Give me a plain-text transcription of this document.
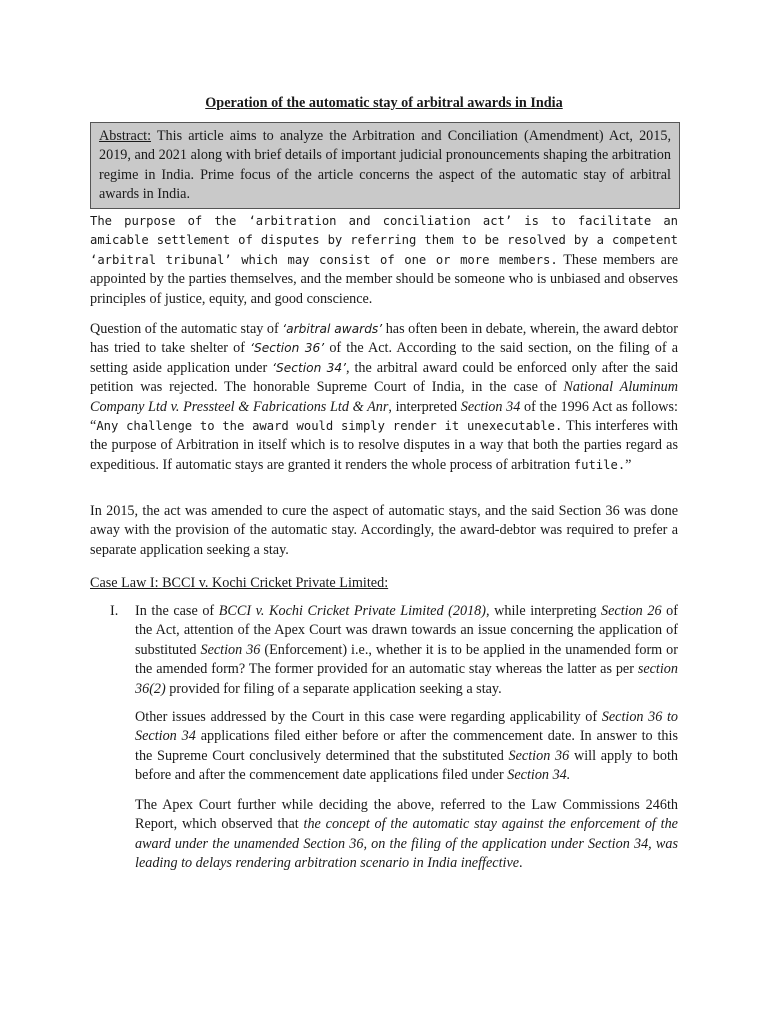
Operation of the automatic stay of arbitral awards in India
Abstract: This article aims to analyze the Arbitration and Conciliation (Amendment) Act, 2015, 2019, and 2021 along with brief details of important judicial pronouncements shaping the arbitration regime in India. Prime focus of the article concerns the aspect of the automatic stay of arbitral awards in India.

The purpose of the ‘arbitration and conciliation act’ is to facilitate an amicable settlement of disputes by referring them to be resolved by a competent ‘arbitral tribunal’ which may consist of one or more members. These members are appointed by the parties themselves, and the member should be someone who is unbiased and observes principles of justice, equity, and good conscience.

Question of the automatic stay of ‘arbitral awards’ has often been in debate, wherein, the award debtor has tried to take shelter of ‘Section 36’ of the Act. According to the said section, on the filing of a setting aside application under ‘Section 34’, the arbitral award could be enforced only after the said petition was rejected. The honorable Supreme Court of India, in the case of National Aluminum Company Ltd v. Pressteel & Fabrications Ltd & Anr, interpreted Section 34 of the 1996 Act as follows: “Any challenge to the award would simply render it unexecutable. This interferes with the purpose of Arbitration in itself which is to resolve disputes in a way that both the parties regard as expeditious. If automatic stays are granted it renders the whole process of arbitration futile.”

In 2015, the act was amended to cure the aspect of automatic stays, and the said Section 36 was done away with the provision of the automatic stay. Accordingly, the award-debtor was required to prefer a separate application seeking a stay.

Case Law I: BCCI v. Kochi Cricket Private Limited:
I. In the case of BCCI v. Kochi Cricket Private Limited (2018), while interpreting Section 26 of the Act, attention of the Apex Court was drawn towards an issue concerning the application of substituted Section 36 (Enforcement) i.e., whether it is to be applied in the unamended form or the amended form? The former provided for an automatic stay whereas the latter as per section 36(2) provided for filing of a separate application seeking a stay.

Other issues addressed by the Court in this case were regarding applicability of Section 36 to Section 34 applications filed either before or after the commencement date. In answer to this the Supreme Court conclusively determined that the substituted Section 36 will apply to both before and after the commencement date applications filed under Section 34.

The Apex Court further while deciding the above, referred to the Law Commissions 246th Report, which observed that the concept of the automatic stay against the enforcement of the award under the unamended Section 36, on the filing of the application under Section 34, was leading to delays rendering arbitration scenario in India ineffective.
